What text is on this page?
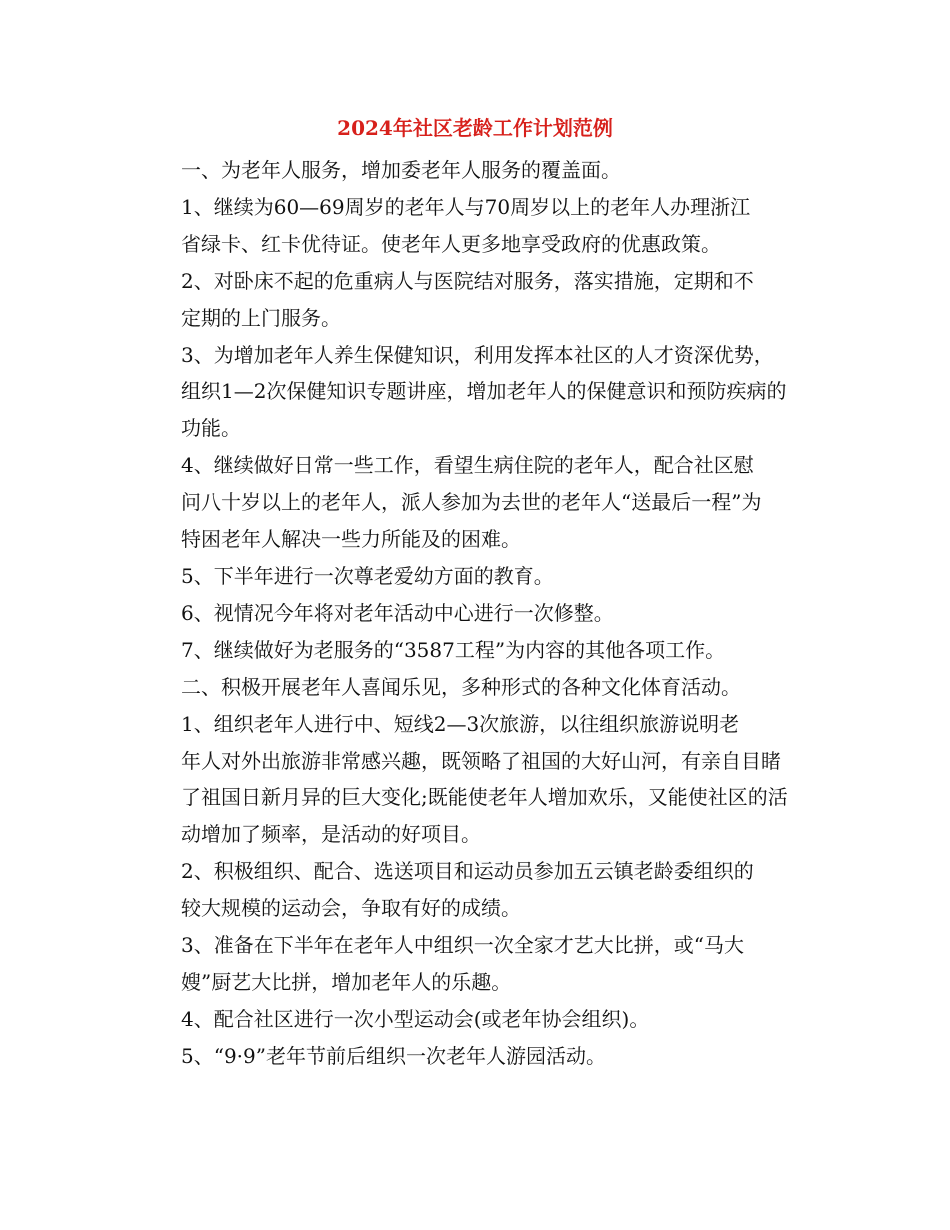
2024年社区老龄工作计划范例

一、为老年人服务，增加委老年人服务的覆盖面。

1、继续为60—69周岁的老年人与70周岁以上的老年人办理浙江
省绿卡、红卡优待证。使老年人更多地享受政府的优惠政策。

2、对卧床不起的危重病人与医院结对服务，落实措施，定期和不
定期的上门服务。

3、为增加老年人养生保健知识，利用发挥本社区的人才资深优势，
组织1—2次保健知识专题讲座，增加老年人的保健意识和预防疾病的
功能。

4、继续做好日常一些工作，看望生病住院的老年人，配合社区慰
问八十岁以上的老年人，派人参加为去世的老年人“送最后一程”为
特困老年人解决一些力所能及的困难。

5、下半年进行一次尊老爱幼方面的教育。

6、视情况今年将对老年活动中心进行一次修整。

7、继续做好为老服务的“3587工程”为内容的其他各项工作。

二、积极开展老年人喜闻乐见，多种形式的各种文化体育活动。

1、组织老年人进行中、短线2—3次旅游，以往组织旅游说明老
年人对外出旅游非常感兴趣，既领略了祖国的大好山河，有亲自目睹
了祖国日新月异的巨大变化;既能使老年人增加欢乐，又能使社区的活
动增加了频率，是活动的好项目。

2、积极组织、配合、选送项目和运动员参加五云镇老龄委组织的
较大规模的运动会，争取有好的成绩。

3、准备在下半年在老年人中组织一次全家才艺大比拼，或“马大
嫂”厨艺大比拼，增加老年人的乐趣。

4、配合社区进行一次小型运动会(或老年协会组织)。

5、“9·9”老年节前后组织一次老年人游园活动。
